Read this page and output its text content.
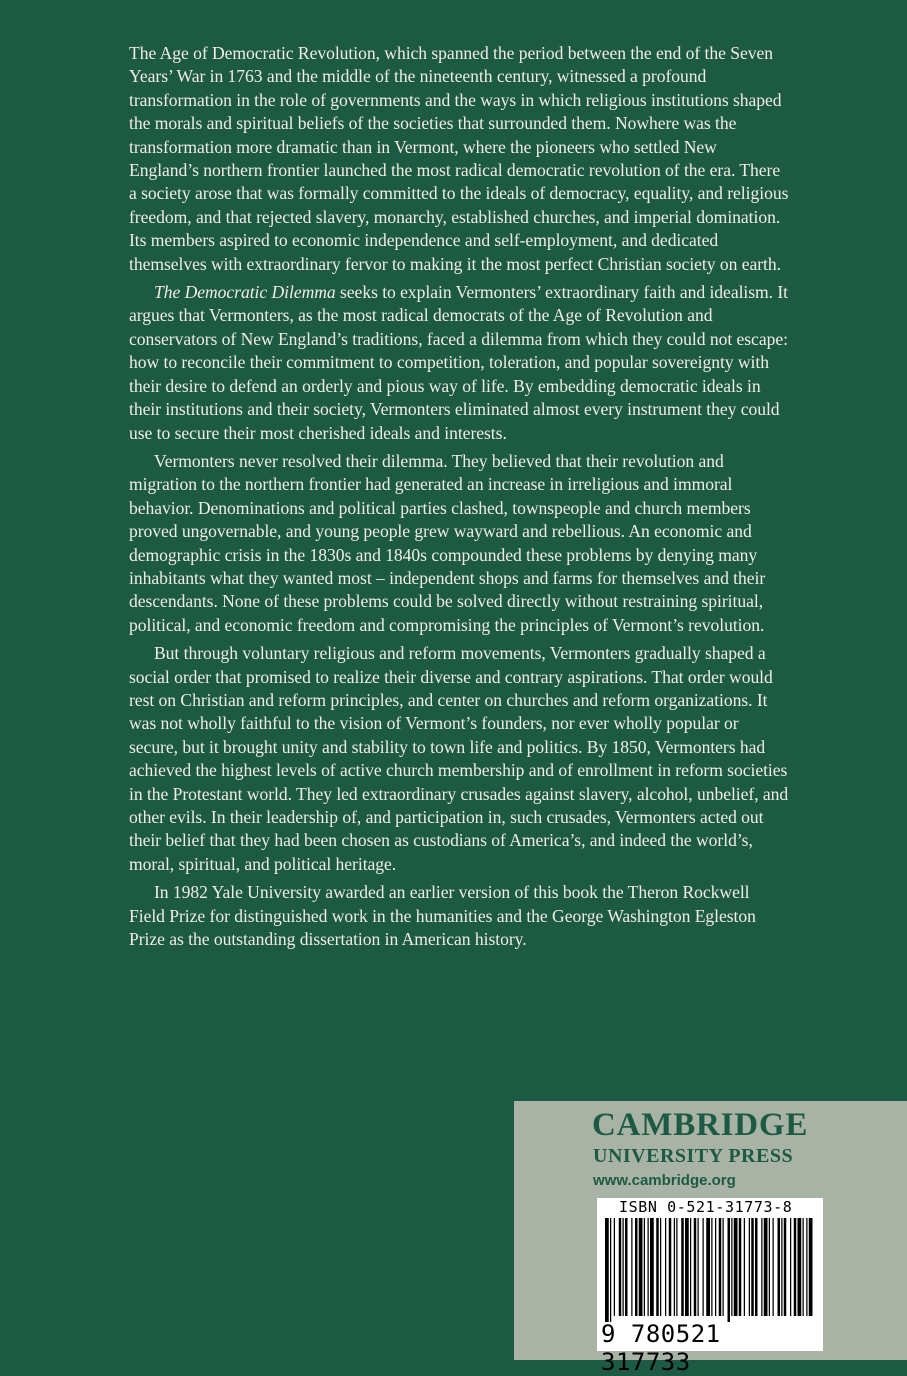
The Age of Democratic Revolution, which spanned the period between the end of the Seven Years’ War in 1763 and the middle of the nineteenth century, witnessed a profound transformation in the role of governments and the ways in which religious institutions shaped the morals and spiritual beliefs of the societies that surrounded them. Nowhere was the transformation more dramatic than in Vermont, where the pioneers who settled New England’s northern frontier launched the most radical democratic revolution of the era. There a society arose that was formally committed to the ideals of democracy, equality, and religious freedom, and that rejected slavery, monarchy, established churches, and imperial domination. Its members aspired to economic independence and self-employment, and dedicated themselves with extraordinary fervor to making it the most perfect Christian society on earth.

The Democratic Dilemma seeks to explain Vermonters’ extraordinary faith and idealism. It argues that Vermonters, as the most radical democrats of the Age of Revolution and conservators of New England’s traditions, faced a dilemma from which they could not escape: how to reconcile their commitment to competition, toleration, and popular sovereignty with their desire to defend an orderly and pious way of life. By embedding democratic ideals in their institutions and their society, Vermonters eliminated almost every instrument they could use to secure their most cherished ideals and interests.

Vermonters never resolved their dilemma. They believed that their revolution and migration to the northern frontier had generated an increase in irreligious and immoral behavior. Denominations and political parties clashed, townspeople and church members proved ungovernable, and young people grew wayward and rebellious. An economic and demographic crisis in the 1830s and 1840s compounded these problems by denying many inhabitants what they wanted most – independent shops and farms for themselves and their descendants. None of these problems could be solved directly without restraining spiritual, political, and economic freedom and compromising the principles of Vermont’s revolution.

But through voluntary religious and reform movements, Vermonters gradually shaped a social order that promised to realize their diverse and contrary aspirations. That order would rest on Christian and reform principles, and center on churches and reform organizations. It was not wholly faithful to the vision of Vermont’s founders, nor ever wholly popular or secure, but it brought unity and stability to town life and politics. By 1850, Vermonters had achieved the highest levels of active church membership and of enrollment in reform societies in the Protestant world. They led extraordinary crusades against slavery, alcohol, unbelief, and other evils. In their leadership of, and participation in, such crusades, Vermonters acted out their belief that they had been chosen as custodians of America’s, and indeed the world’s, moral, spiritual, and political heritage.

In 1982 Yale University awarded an earlier version of this book the Theron Rockwell Field Prize for distinguished work in the humanities and the George Washington Egleston Prize as the outstanding dissertation in American history.

CAMBRIDGE
UNIVERSITY PRESS
www.cambridge.org
ISBN 0-521-31773-8
9 780521 317733
